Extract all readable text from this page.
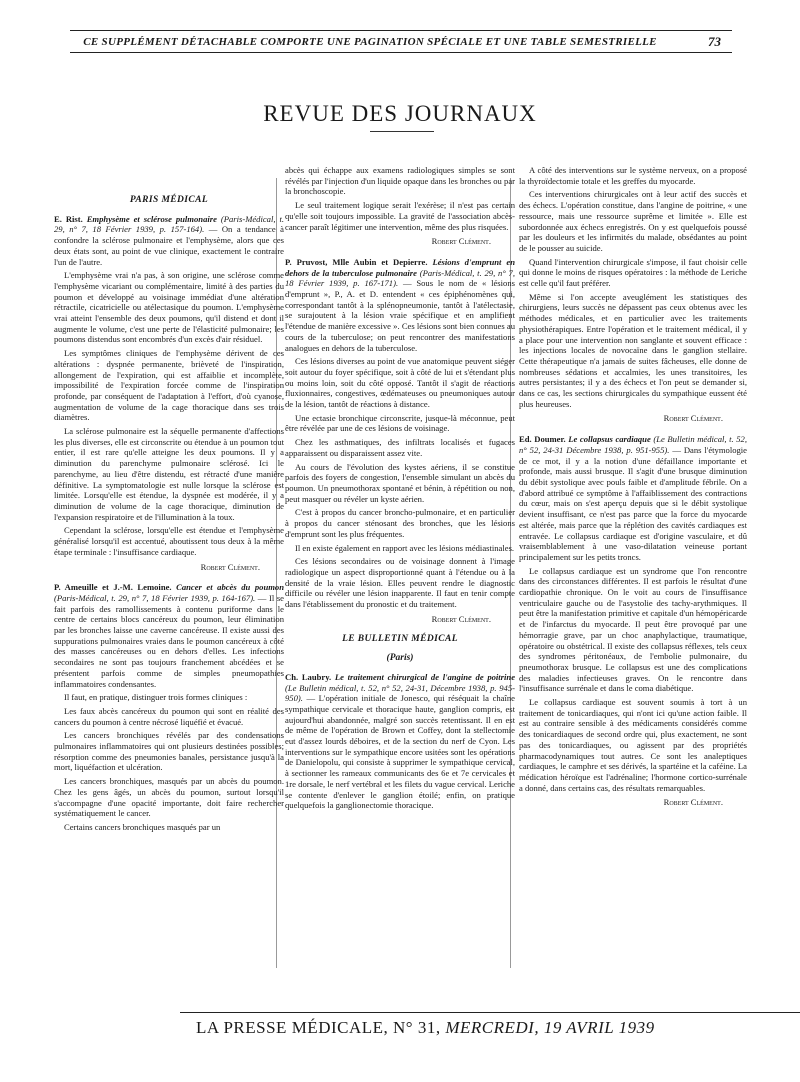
CE SUPPLÉMENT DÉTACHABLE COMPORTE UNE PAGINATION SPÉCIALE ET UNE TABLE SEMESTRIELLE	73
REVUE DES JOURNAUX
PARIS MÉDICAL

E. Rist. Emphysème et sclérose pulmonaire (Paris-Médical, t. 29, n° 7, 18 Février 1939, p. 157-164). — On a tendance à confondre la sclérose pulmonaire et l'emphysème, alors que ces deux états sont, au point de vue clinique, exactement le contraire l'un de l'autre.

L'emphysème vrai n'a pas, à son origine, une sclérose comme l'emphysème vicariant ou complémentaire, limité à des parties du poumon et développé au voisinage immédiat d'une altération rétractile, cicatricielle ou atélectasique du poumon. L'emphysème vrai atteint l'ensemble des deux poumons, qu'il distend et dont il augmente le volume, c'est une perte de l'élasticité pulmonaire; les poumons distendus sont encombrés d'un excès d'air résiduel.

Les symptômes cliniques de l'emphysème dérivent de ces altérations : dyspnée permanente, brièveté de l'inspiration, allongement de l'expiration, qui est affaiblie et incomplète, impossibilité de l'expiration forcée comme de l'inspiration profonde, par conséquent de l'adaptation à l'effort, d'où cyanose, augmentation de volume de la cage thoracique dans ses trois diamètres.

La sclérose pulmonaire est la séquelle permanente d'affections les plus diverses, elle est circonscrite ou étendue à un poumon tout entier, il est rare qu'elle atteigne les deux poumons. Il y a diminution du parenchyme pulmonaire sclérosé. Ici le parenchyme, au lieu d'être distendu, est rétracté d'une manière définitive. La symptomatologie est nulle lorsque la sclérose est limitée. Lorsqu'elle est étendue, la dyspnée est modérée, il y a diminution de volume de la cage thoracique, diminution de l'expansion respiratoire et de l'illumination à la toux.

Cependant la sclérose, lorsqu'elle est étendue et l'emphysème généralisé lorsqu'il est accentué, aboutissent tous deux à la même étape terminale : l'insuffisance cardiaque.

Robert Clément.

P. Ameuille et J.-M. Lemoine. Cancer et abcès du poumon (Paris-Médical, t. 29, n° 7, 18 Février 1939, p. 164-167). — Il se fait parfois des ramollissements à contenu puriforme dans le centre de certains blocs cancéreux du poumon, leur élimination par les bronches laisse une caverne cancéreuse. Il existe aussi des suppurations pulmonaires vraies dans le poumon cancéreux à côté des masses cancéreuses ou en dehors d'elles. Les infections secondaires ne sont pas toujours franchement abcédées et se présentent parfois comme de simples pneumopathies inflammatoires condensantes.

Il faut, en pratique, distinguer trois formes cliniques :

Les faux abcès cancéreux du poumon qui sont en réalité des cancers du poumon à centre nécrosé liquéfié et évacué.

Les cancers bronchiques révélés par des condensations pulmonaires inflammatoires qui ont plusieurs destinées possibles; résorption comme des pneumonies banales, persistance jusqu'à la mort, liquéfaction et ulcération.

Les cancers bronchiques, masqués par un abcès du poumon. Chez les gens âgés, un abcès du poumon, surtout lorsqu'il s'accompagne d'une opacité importante, doit faire rechercher systématiquement le cancer.

Certains cancers bronchiques masqués par un

abcès qui échappe aux examens radiologiques simples se sont révélés par l'injection d'un liquide opaque dans les bronches ou par la bronchoscopie.

Le seul traitement logique serait l'exérèse; il n'est pas certain qu'elle soit toujours impossible. La gravité de l'association abcès-cancer paraît légitimer une intervention, même des plus risquées.

Robert Clément.

P. Pruvost, Mlle Aubin et Depierre. Lésions d'emprunt en dehors de la tuberculose pulmonaire (Paris-Médical, t. 29, n° 7, 18 Février 1939, p. 167-171). — Sous le nom de « lésions d'emprunt », P., A. et D. entendent « ces épiphénomènes qui, correspondant tantôt à la splénopneumonie, tantôt à l'atélectasie, se surajoutent à la lésion vraie spécifique et en amplifient l'étendue de manière excessive ». Ces lésions sont bien connues au cours de la tuberculose; on peut rencontrer des manifestations analogues en dehors de la tuberculose.

Ces lésions diverses au point de vue anatomique peuvent siéger soit autour du foyer spécifique, soit à côté de lui et s'étendant plus ou moins loin, soit du côté opposé. Tantôt il s'agit de réactions fluxionnaires, congestives, œdémateuses ou pneumoniques autour de la lésion, tantôt de réactions à distance.

Une ectasie bronchique circonscrite, jusque-là méconnue, peut être révélée par une de ces lésions de voisinage.

Chez les asthmatiques, des infiltrats localisés et fugaces apparaissent ou disparaissent assez vite.

Au cours de l'évolution des kystes aériens, il se constitue parfois des foyers de congestion, l'ensemble simulant un abcès du poumon. Un pneumothorax spontané et bénin, à répétition ou non, peut masquer ou révéler un kyste aérien.

C'est à propos du cancer broncho-pulmonaire, et en particulier à propos du cancer sténosant des bronches, que les lésions d'emprunt sont les plus fréquentes.

Il en existe également en rapport avec les lésions médiastinales.

Ces lésions secondaires ou de voisinage donnent à l'image radiologique un aspect disproportionné quant à l'étendue ou à la densité de la vraie lésion. Elles peuvent rendre le diagnostic difficile ou révéler une lésion inapparente. Il faut en tenir compte dans l'établissement du pronostic et du traitement.

Robert Clément.
LE BULLETIN MÉDICAL
(Paris)

Ch. Laubry. Le traitement chirurgical de l'angine de poitrine (Le Bulletin médical, t. 52, n° 52, 24-31, Décembre 1938, p. 945-950). — L'opération initiale de Jonesco, qui réséquait la chaîne sympathique cervicale et thoracique haute, ganglion compris, est aujourd'hui abandonnée, malgré son succès retentissant. Il en est de même de l'opération de Brown et Coffey, dont la stellectomie eut d'assez lourds déboires, et de la section du nerf de Cyon. Les interventions sur le sympathique encore usitées sont les opérations de Danielopolu, qui consiste à supprimer le sympathique cervical, à sectionner les rameaux communicants des 6e et 7e cervicales et 1re dorsale, le nerf vertébral et les filets du vague cervical. Leriche se contente d'enlever le ganglion étoilé; enfin, on pratique quelquefois la ganglionectomie thoracique.

A côté des interventions sur le système nerveux, on a proposé la thyroïdectomie totale et les greffes du myocarde.

Ces interventions chirurgicales ont à leur actif des succès et des échecs. L'opération constitue, dans l'angine de poitrine, « une ressource, mais une ressource suprême et limitée ». Elle est subordonnée aux échecs enregistrés. On y est quelquefois poussé par les douleurs et les infirmités du malade, obsédantes au point de le pousser au suicide.

Quand l'intervention chirurgicale s'impose, il faut choisir celle qui donne le moins de risques opératoires : la méthode de Leriche est celle qu'il faut préférer.

Même si l'on accepte aveuglément les statistiques des chirurgiens, leurs succès ne dépassent pas ceux obtenus avec les méthodes médicales, et en particulier avec les traitements physiothérapiques. Entre l'opération et le traitement médical, il y a place pour une intervention non sanglante et souvent efficace : les injections locales de novocaïne dans le ganglion stellaire. Cette thérapeutique n'a jamais de suites fâcheuses, elle donne de nombreuses sédations et accalmies, les unes transitoires, les autres persistantes; il y a des échecs et l'on peut se demander si, dans ce cas, les sections chirurgicales du sympathique eussent été plus heureuses.

Robert Clément.

Ed. Doumer. Le collapsus cardiaque (Le Bulletin médical, t. 52, n° 52, 24-31 Décembre 1938, p. 951-955). — Dans l'étymologie de ce mot, il y a la notion d'une défaillance importante et profonde, mais aussi brusque. Il s'agit d'une brusque diminution du débit systolique avec pouls faible et d'amplitude fébrile. On a d'abord attribué ce symptôme à l'affaiblissement des contractions du cœur, mais on s'est aperçu depuis que si le débit systolique devient insuffisant, ce n'est pas parce que la force du myocarde est altérée, mais parce que la réplétion des cavités cardiaques est entravée. Le collapsus cardiaque est d'origine vasculaire, et dû vraisemblablement à une vaso-dilatation veineuse portant principalement sur les petits troncs.

Le collapsus cardiaque est un syndrome que l'on rencontre dans des circonstances différentes. Il est parfois le résultat d'une cardiopathie chronique. On le voit au cours de l'insuffisance ventriculaire gauche ou de l'asystolie des tachy-arythmiques. Il peut être la manifestation primitive et capitale d'un hémopéricarde et de l'infarctus du myocarde. Il peut être provoqué par une hémorragie grave, par un choc anaphylactique, traumatique, opératoire ou obstétrical. Il existe des collapsus réflexes, tels ceux des syndromes péritonéaux, de l'embolie pulmonaire, du pneumothorax brusque. Le collapsus est une des complications des maladies infectieuses graves. On le rencontre dans l'insuffisance surrénale et dans le coma diabétique.

Le collapsus cardiaque est souvent soumis à tort à un traitement de tonicardiaques, qui n'ont ici qu'une action faible. Il est au contraire sensible à des médicaments considérés comme des tonicardiaques de second ordre qui, plus exactement, ne sont pas des tonicardiaques, ou agissent par des propriétés pharmacodynamiques tout autres. Ce sont les analeptiques cardiaques, le camphre et ses dérivés, la spartéine et la caféine. La médication héroïque est l'adrénaline; l'hormone cortico-surrénale a donné, dans certains cas, des résultats remarquables.

Robert Clément.
LA PRESSE MÉDICALE, N° 31, MERCREDI, 19 AVRIL 1939
